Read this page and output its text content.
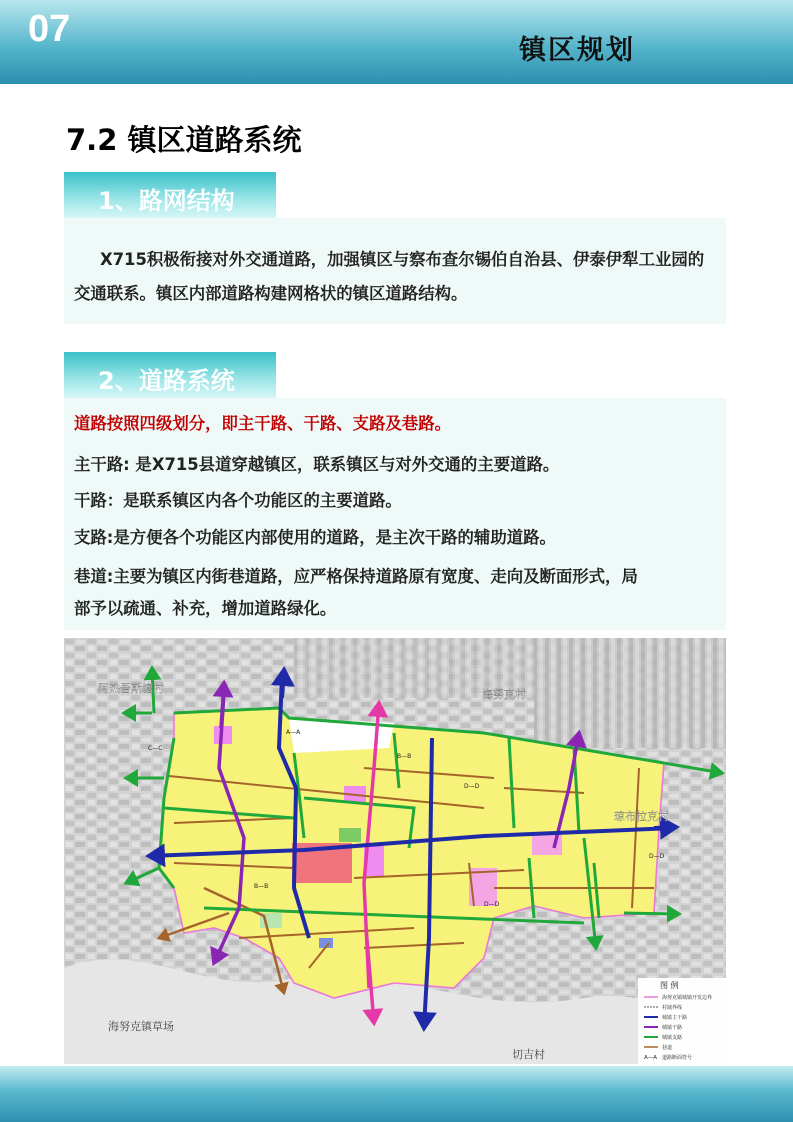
07
镇区规划
7.2 镇区道路系统
1、路网结构

X715积极衔接对外交通道路，加强镇区与察布查尔锡伯自治县、伊泰伊犁工业园的交通联系。镇区内部道路构建网格状的镇区道路结构。

2、道路系统
道路按照四级划分，即主干路、干路、支路及巷路。
主干路: 是X715县道穿越镇区，联系镇区与对外交通的主要道路。
干路：是联系镇区内各个功能区的主要道路。
支路:是方便各个功能区内部使用的道路，是主次干路的辅助道路。
巷道:主要为镇区内街巷道路，应严格保持道路原有宽度、走向及断面形式，局
部予以疏通、补充，增加道路绿化。
A—A
B—B
B—B
C—C
D—D
D—D
D—D
阿热吾斯塘村	海努克村
琼布拉克村
海努克镇草场
切吉村
图 例
海努克镇城镇开发边界
村域界线
城镇主干路
城镇干路
城镇支路
巷道
A—A 道路断面符号
